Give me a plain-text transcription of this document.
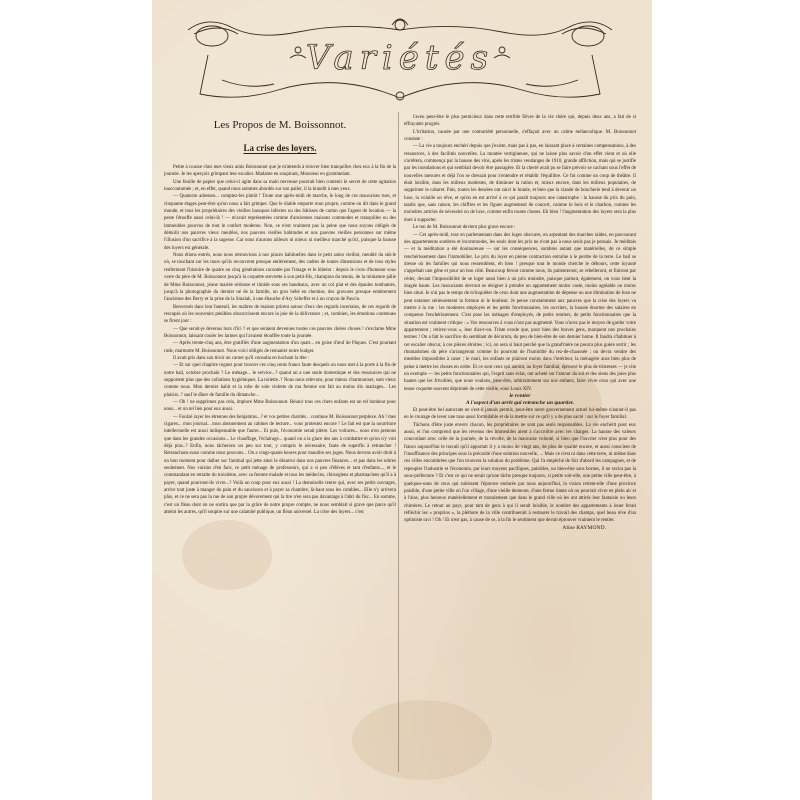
Variétés
Les Propos de M. Boissonnot.
La crise des loyers.

Petite à cousse chez mes vieux amis Boissonnot que je m'attends à trouver bien tranquilles chez eux à la fin de la journée. Je les aperçois grimpant leur escalier. Madame en soupirant, Monsieur en grommelant.

Une feuille de papier que celui-ci agite dans sa main nerveuse pourrait bien contenir le secret de cette agitation inaccoutumée ; et, en effet, quand nous sommes abordés sur son palier, il la brandit à mes yeux.

— Quatorze adresses... comptez-les plutôt ! Toute une après-midi de marche, le long de ces mauvaises rues, et cinquante étages peut-être qu'on nous a fait grimper. Que le diable emporte mon propre, comme on dit dans le grand monde, et tous les propriétaires des vieilles baraques infectes ou des bâtisses de carton que l'agent de location — la peste l'étouffe aussi celui-là ! — m'avait représentées comme d'anciennes maisons commodes et tranquilles ou des immeubles pourvus de tout le confort moderne. Non, ce n'est vraiment pas la peine que nous soyons obligés de démolir nos pauvres vieux meubles, nos pauvres vieilles habitudes et nos pauvres vieilles personnes sur même l'illusion d'un sacrifice à la sagesse. Car nous n'aurons ailleurs ni mieux ni meilleur marché qu'ici, puisque la hausse des loyers est générale.

Nous étions entrés, nous nous retrouvions à nos places habituelles dans le petit salon vieillot, meublé du siècle où, se touchant sur les murs qu'ils recouvrent presque entièrement, des cadres de toutes dimensions et de tous styles renferment l'histoire de quatre ou cinq générations racontée par l'image et le bibelot : depuis le crois d'honneur sous verre du père de M. Boissonnot jusqu'à la coquette œuvrette à son petit-fils, champion du tennis, de la miniature pâlie de Mme Boissonnot, jeune mariée sérieuse et timide sous ses bandeaux, avec un col plat et des épaules tombantes, jusqu'à la photographie du dernier né de la famille, un gros bébé en chemise, des gravures presque entièrement l'ancienne des Berry et la prise de la Smalah, à une ébauche d'Ary Scheffer et à un crayon de Pascin.

Renversés dans leur fauteuil, les maîtres de maison prirent autour d'eux des regards incertains, de ces regards de rescapés où les souvenirs pénibles obscurcissent encore la joie de la délivrance ; et, combien, les émotions contenues se firent jour :

— Que serait-je devenus hors d'ici ? et que seraient devenues toutes ces pauvres chères choses ! s'exclame Mme Boissonnot, laissant couler les larmes qui l'avaient étouffée toute la journée.

— Après trente-cinq ans, être gratifiés d'une augmentation d'un quart... en guise d'œuf de Pâques. C'est pourtant rude, marmotte M. Boissonnot. Nous voici obligés de remanier notre budget.

Il avait pris dans son tiroir un carnet qu'il consulta en hochant la tête :

— Et sur quel chapitre rognez pour trouver ces cinq cents francs faute desquels on nous met à la porte à la fin de notre bail, octobre prochain ? Le ménage... le service...? quand on a une seule domestique et des ressources qui ne supportent plus que des collations hygiéniques. La toilette..? Nous nous relevons, pour mieux s'harmoniser, sont vieux comme nous. Mon dernier habit et la robe de soie violette de ma femme ont fait au moins dix mariages... Les plaisirs..? sauf le dîner de famille du dimanche...

— Oh ! ne supprimez pas cela, implore Mme Boissonnot. Réunir tous ces chers enfants est un tel bonheur pour nous... et un tel lien pour eux aussi.

— Foulzé rayer les étrennes des benjamins...? et vos petites charités... continue M. Boissonnot perplexe. Ah ! mes cigares... mon journal... mon abonnement au cabinet de lecture... vous protestez encore ! Le fait est que la nourriture intellectuelle est aussi indispensable que l'autre... Et puis, l'économie serait piètre. Les voitures... nous n'en prenons que dans les grandes occasions... Le chauffage, l'éclairage... quand on a la glace des ans à combattre et qu'on n'y voit déjà plus..? Enfin, nous tâcherons un peu sur tout, y compris le nécessaire, faute de superflu à retrancher ! Retranchons-nous comme nous pouvons... On a vingt-quatre heures pour maudire ses juges. Nous devons avoir droit à un bon moment pour daiber sur l'animal qui jette ainsi le désarroi dans nos pauvres finances... et pas dans les nôtres seulement. Nos voisins d'en face, ce petit ménage de professeurs, qui a si peu d'élèves et tant d'enfants..., et le commandant en retraite du troisième, avec sa femme malade et tous les médecins, chirurgiens et pharmaciens qu'il a à payer, quand pourront-ils vivre...? Voilà un coup pour eux aussi ! La demoiselle rentre qui, avec ses petits ouvrages, arrive tout juste à manger du pain et du saucisson et à payer sa chambre, là-haut sous les combles... Elle n'y arrivera plus, et ce ne sera pas la rue de son propre dévorement qui la tire n'en sera pas davantage à l'abri du fisc... En somme, c'est un fléau dont on ne sortira que par la grâce de notre propre compte, ne nous semblait si grave que parce qu'il atteint les autres, qu'il soupire sur une calamité publique, un fléau universel. La crise des loyers... c'est

l'aveu peut-être le plus pernicieux dans cette terrible fièvre de la vie chère qui, depuis deux ans, a fait de si effrayants progrès.

L'irritation, causée par une contrariété personnelle, s'effaçait avec un calme mélancolique. M. Boissonnot constate :

— La vie a toujours enchéri depuis que j'existe, mais pas à pas, en laissant place à certaines compensations, à des ressources, à des facilités nouvelles. La montée vertigineuse, qui ne laisse plus savoir d'un effet vient et où elle s'arrêtera, commença par la hausse des vins, après les tristes vendanges de 1910, grande affliction, mais qui se justifie par les inondations et qui semblait devoir être passagère. Et la cherté avait pu se faire prévoir se cachant sous l'effet de nouvelles mesures et déjà l'on se dressait pour s'entendre et rétablir l'équilibre. Ce fut comme un coup de théâtre. Il était loisible, dans les milieux modestes, de diminuer la ration et, mieux encore, dans les milieux populaires, de supprimer le cabaret. Puis, toutes les denrées ont suivi le branle, et bien que la viande de boucherie tend à devenir un luxe, la volaille un rêve, et qu'on en est arrivé à ce qui paraît toujours une catastrophe : la hausse du prix du pain, tandis que, sans raison, les chiffres et les figues augmentent de concert, comme le bois et le charbon, comme les moindres articles de nécessité ou de luxe, comme enfin toutes choses. Eh bien ! l'augmentation des loyers sera la plus dure à supporter.

Le ton de M. Boissonnot devient plus grave encore :

— Cet après-midi, tout en parlementant dans des loges obscures, en arpentant des marches raides, en parcourant des appartements sombres et incommodes, les seuls dont les prix ne n'ont pas à nous seuls pas je pensais. Je méditais — et la méditation a été douloureuse — sur les conséquences, sombres autant que matérielles, de ce simple renchérissement dans l'immobilier. Le prix du loyer en pleine contraction entraîne à le perdre de la terre. Le bail se dresse où les familles qui nous ressemblent, eh bien ! presque tout le monde cherche le débours, cette loyauté s'apprêtait une gêne et pour un bon côté. Beaucoup feront comme nous, ils patienteront, se rebelleront, et finiront par céder, devant l'impossibilité de se loger aussi bien à un prix moindre, puisque partout, également, on vous tient la dragée haute. Les insouciants devront se résigner à prendre un appartement moins vaste, moins agréable ou moins bien situé. Je n'ai pas le temps de m'inquiéter de ceux dont une augmentation de dépense ou une diminution de luxe ne peut entamer sérieusement la fortune ni le bonheur. Je pense constamment aux pauvres que la crise des loyers va mettre à la rue : les modestes employés et les petits fonctionnaires, les ouvriers, la hausse énorme des salaires en compense l'enchérissement. C'est pour les ménages d'employés, de petits rentiers, de petits fonctionnaires que la situation est vraiment critique : « Vos ressources à vous n'ont pas augmenté. Vous n'avez pas le moyen de garder votre appartement ; retirez-vous », leur dira-t-on. Triste exode que, pour bien des braves gens, marquent nos prochains termes ! On a fait le sacrifice du semblant de décorum, du peu de bien-être de son dernier home. Il faudra s'habituer à cet escalier obscur, à ces pièces étroites ; ici, on sera si haut perché que la grand'mère ne pourra plus guère sortir ; les rhumatismes du père s'arrangeront comme ils pourront de l'humidité du rez-de-chaussée ; on devra vendre des meubles impossibles à caser ; le mari, les enfants se plairont moins dans l'intérieur, la ménagère aura bien plus de peine à mettre les choses en ordre. Et ce sont ceux qui auront, au foyer familial, éprouvé le plus de tristesses — je cite un exemple — les petits fonctionnaires qui, l'esprit sans éclat, ont acheté sur l'amour du sol et des siens des joies plus hautes que les frivolités, que nous voulons, peut-être, arbitrairement sur nos enfants, faire vivre ceux qui avec une tenue coquette souvent déprimée de cette vieille, sous Louis XIV.

le rentier

A l'aspect d'un arrêt qui retranche un quartier.

Et peut-être bel autocrate ne s'est-il jamais permis, peut-être notre gouvernement actuel lui-même n'aurait-il pas eu le courage de lever une taxe aussi formidable et de la mettre sur ce qu'il y a de plus sacré : sur le foyer familial.

Tâchons d'être juste envers chacun, les propriétaires ne sont pas seuls responsables. La vie enchérit pour eux aussi, et l'on comprend que les revenus des immeubles aient à s'accroître avec les charges. La hausse des valeurs concordant avec celle de la journée, de la révolte, de la mauvaise volonté, si bien que l'ouvrier n'est plus pour des francs aujourd'hui le travail qu'il apportait il y a moins de vingt ans, de plus de qualité encore, et aussi conscient de l'insuffisance des principes sous la précarité d'une solution nouvelle, ... Mais ce n'est ni dans cette terre, ni même dans ces villes encombrées que l'on trouvera la solution du problème. Qui l'a empêché de fuir d'abord les campagnes, et de repeupler l'industrie et l'économie, par leurs moyens pacifiques, paisibles, un bien-être sans bornes, il ne ravira pas la sous-préfecture ? Et c'est ce qui ne serait qu'une tâche presque toujours, si petite soit-elle, une petite ville peut-être, à quelques-unes de ceux qui subissent l'épreuve endurée par nous aujourd'hui, la vision retient-elle d'une province paisible, d'une petite ville où l'on village, d'une vieille demeure, d'une ferme riante où on pourrait vivre en plein air et à l'aise, plus heureux matériellement et moralement que dans le grand ville où les ont attirés leur fantaisie ou leurs chimères. Le retour au pays, pour tant de gens à qui il serait loisible, le nombre des appartements à louer ferait réfléchir les « proprios », la pléthore de la ville contribuerait à restaurer le travail des champs, quel beau rêve d'un optimiste ravi ! Oh ! Et n'est pas, à cause de ce, à la fin le sentiment que devait éprouver vraiment le rentier.

Aline RAYMOND.
